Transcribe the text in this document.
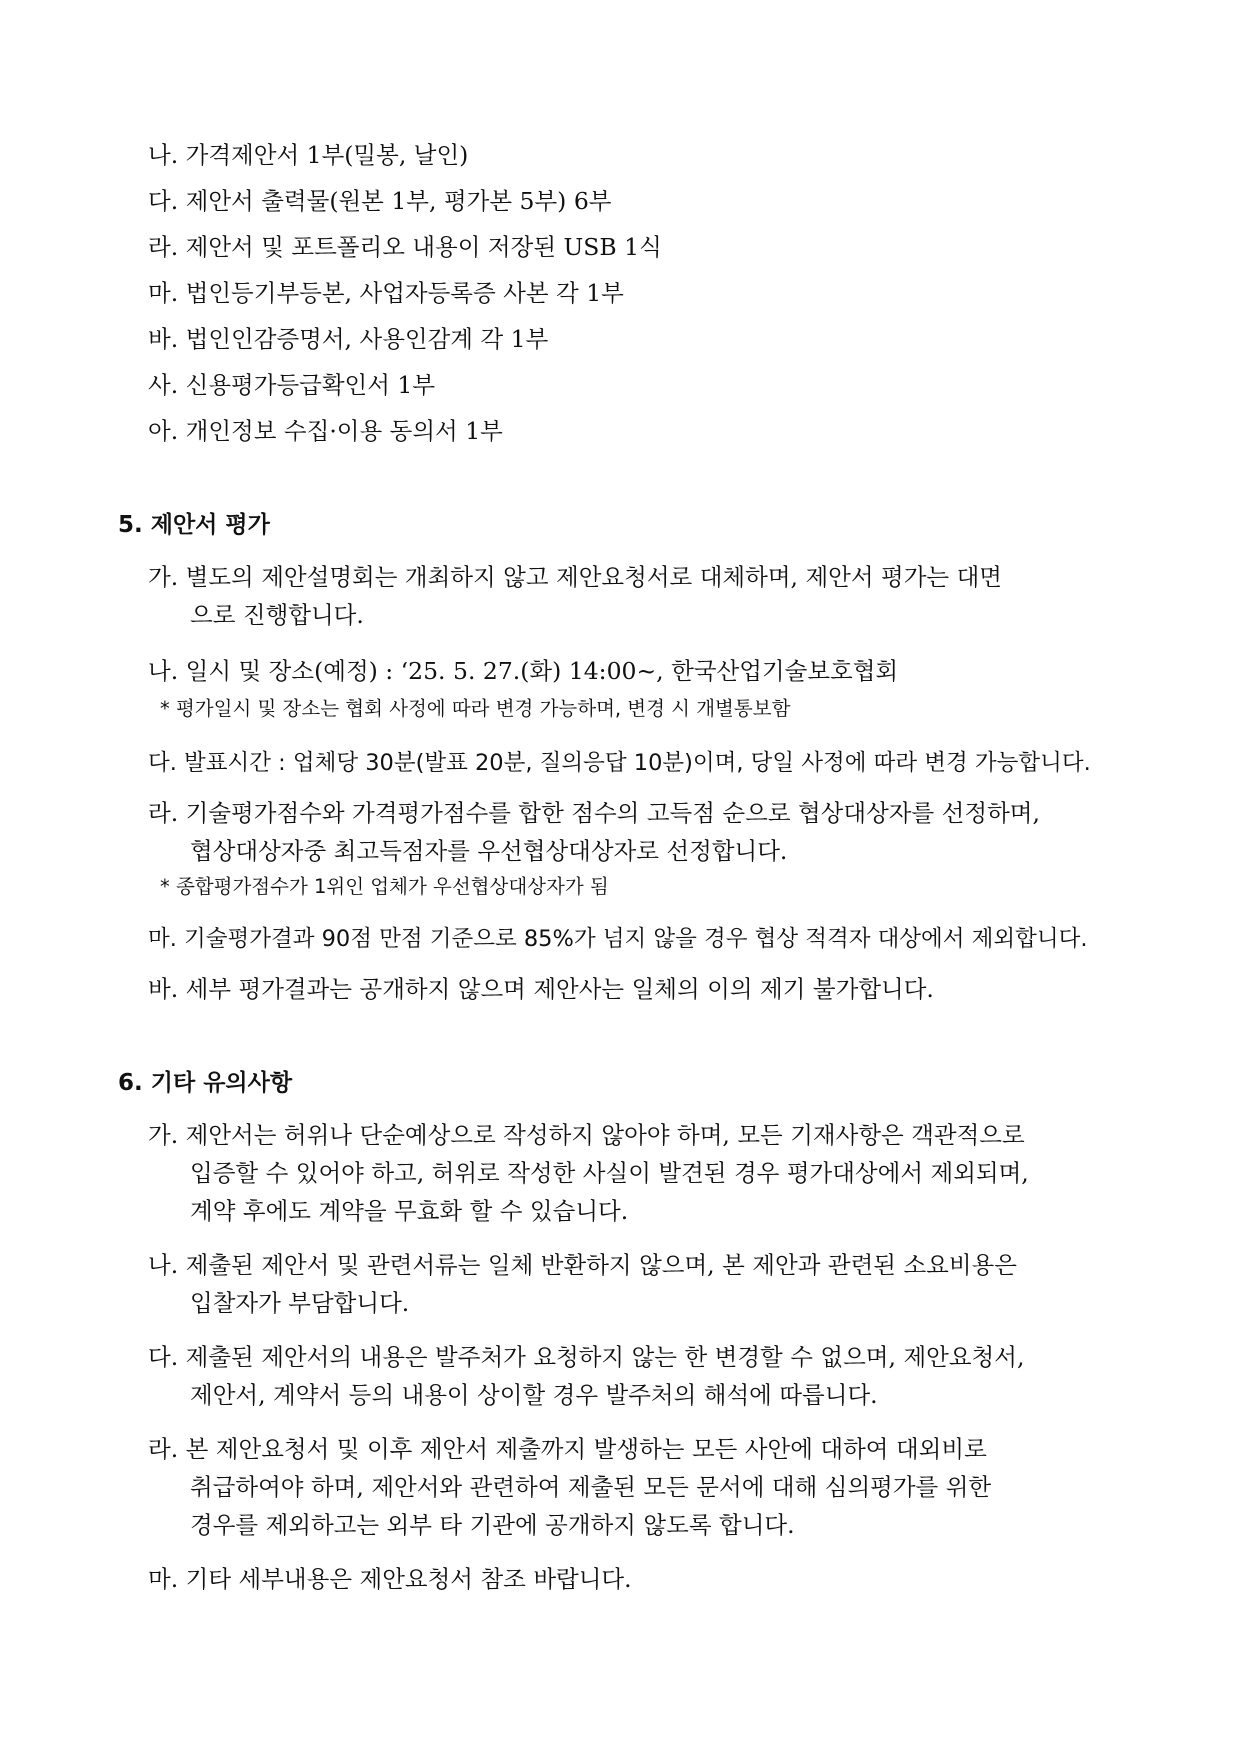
나. 가격제안서 1부(밀봉, 날인)
다. 제안서 출력물(원본 1부, 평가본 5부) 6부
라. 제안서 및 포트폴리오 내용이 저장된 USB 1식
마. 법인등기부등본, 사업자등록증 사본 각 1부
바. 법인인감증명서, 사용인감계 각 1부
사. 신용평가등급확인서 1부
아. 개인정보 수집·이용 동의서 1부
5. 제안서 평가
가. 별도의 제안설명회는 개최하지 않고 제안요청서로 대체하며, 제안서 평가는 대면
으로 진행합니다.
나. 일시 및 장소(예정) : ‘25. 5. 27.(화) 14:00~, 한국산업기술보호협회
* 평가일시 및 장소는 협회 사정에 따라 변경 가능하며, 변경 시 개별통보함
다. 발표시간 : 업체당 30분(발표 20분, 질의응답 10분)이며, 당일 사정에 따라 변경 가능합니다.
라. 기술평가점수와 가격평가점수를 합한 점수의 고득점 순으로 협상대상자를 선정하며,
협상대상자중 최고득점자를 우선협상대상자로 선정합니다.
* 종합평가점수가 1위인 업체가 우선협상대상자가 됨
마. 기술평가결과 90점 만점 기준으로 85%가 넘지 않을 경우 협상 적격자 대상에서 제외합니다.
바. 세부 평가결과는 공개하지 않으며 제안사는 일체의 이의 제기 불가합니다.
6. 기타 유의사항
가. 제안서는 허위나 단순예상으로 작성하지 않아야 하며, 모든 기재사항은 객관적으로
입증할 수 있어야 하고, 허위로 작성한 사실이 발견된 경우 평가대상에서 제외되며,
계약 후에도 계약을 무효화 할 수 있습니다.
나. 제출된 제안서 및 관련서류는 일체 반환하지 않으며, 본 제안과 관련된 소요비용은
입찰자가 부담합니다.
다. 제출된 제안서의 내용은 발주처가 요청하지 않는 한 변경할 수 없으며, 제안요청서,
제안서, 계약서 등의 내용이 상이할 경우 발주처의 해석에 따릅니다.
라. 본 제안요청서 및 이후 제안서 제출까지 발생하는 모든 사안에 대하여 대외비로
취급하여야 하며, 제안서와 관련하여 제출된 모든 문서에 대해 심의평가를 위한
경우를 제외하고는 외부 타 기관에 공개하지 않도록 합니다.
마. 기타 세부내용은 제안요청서 참조 바랍니다.
